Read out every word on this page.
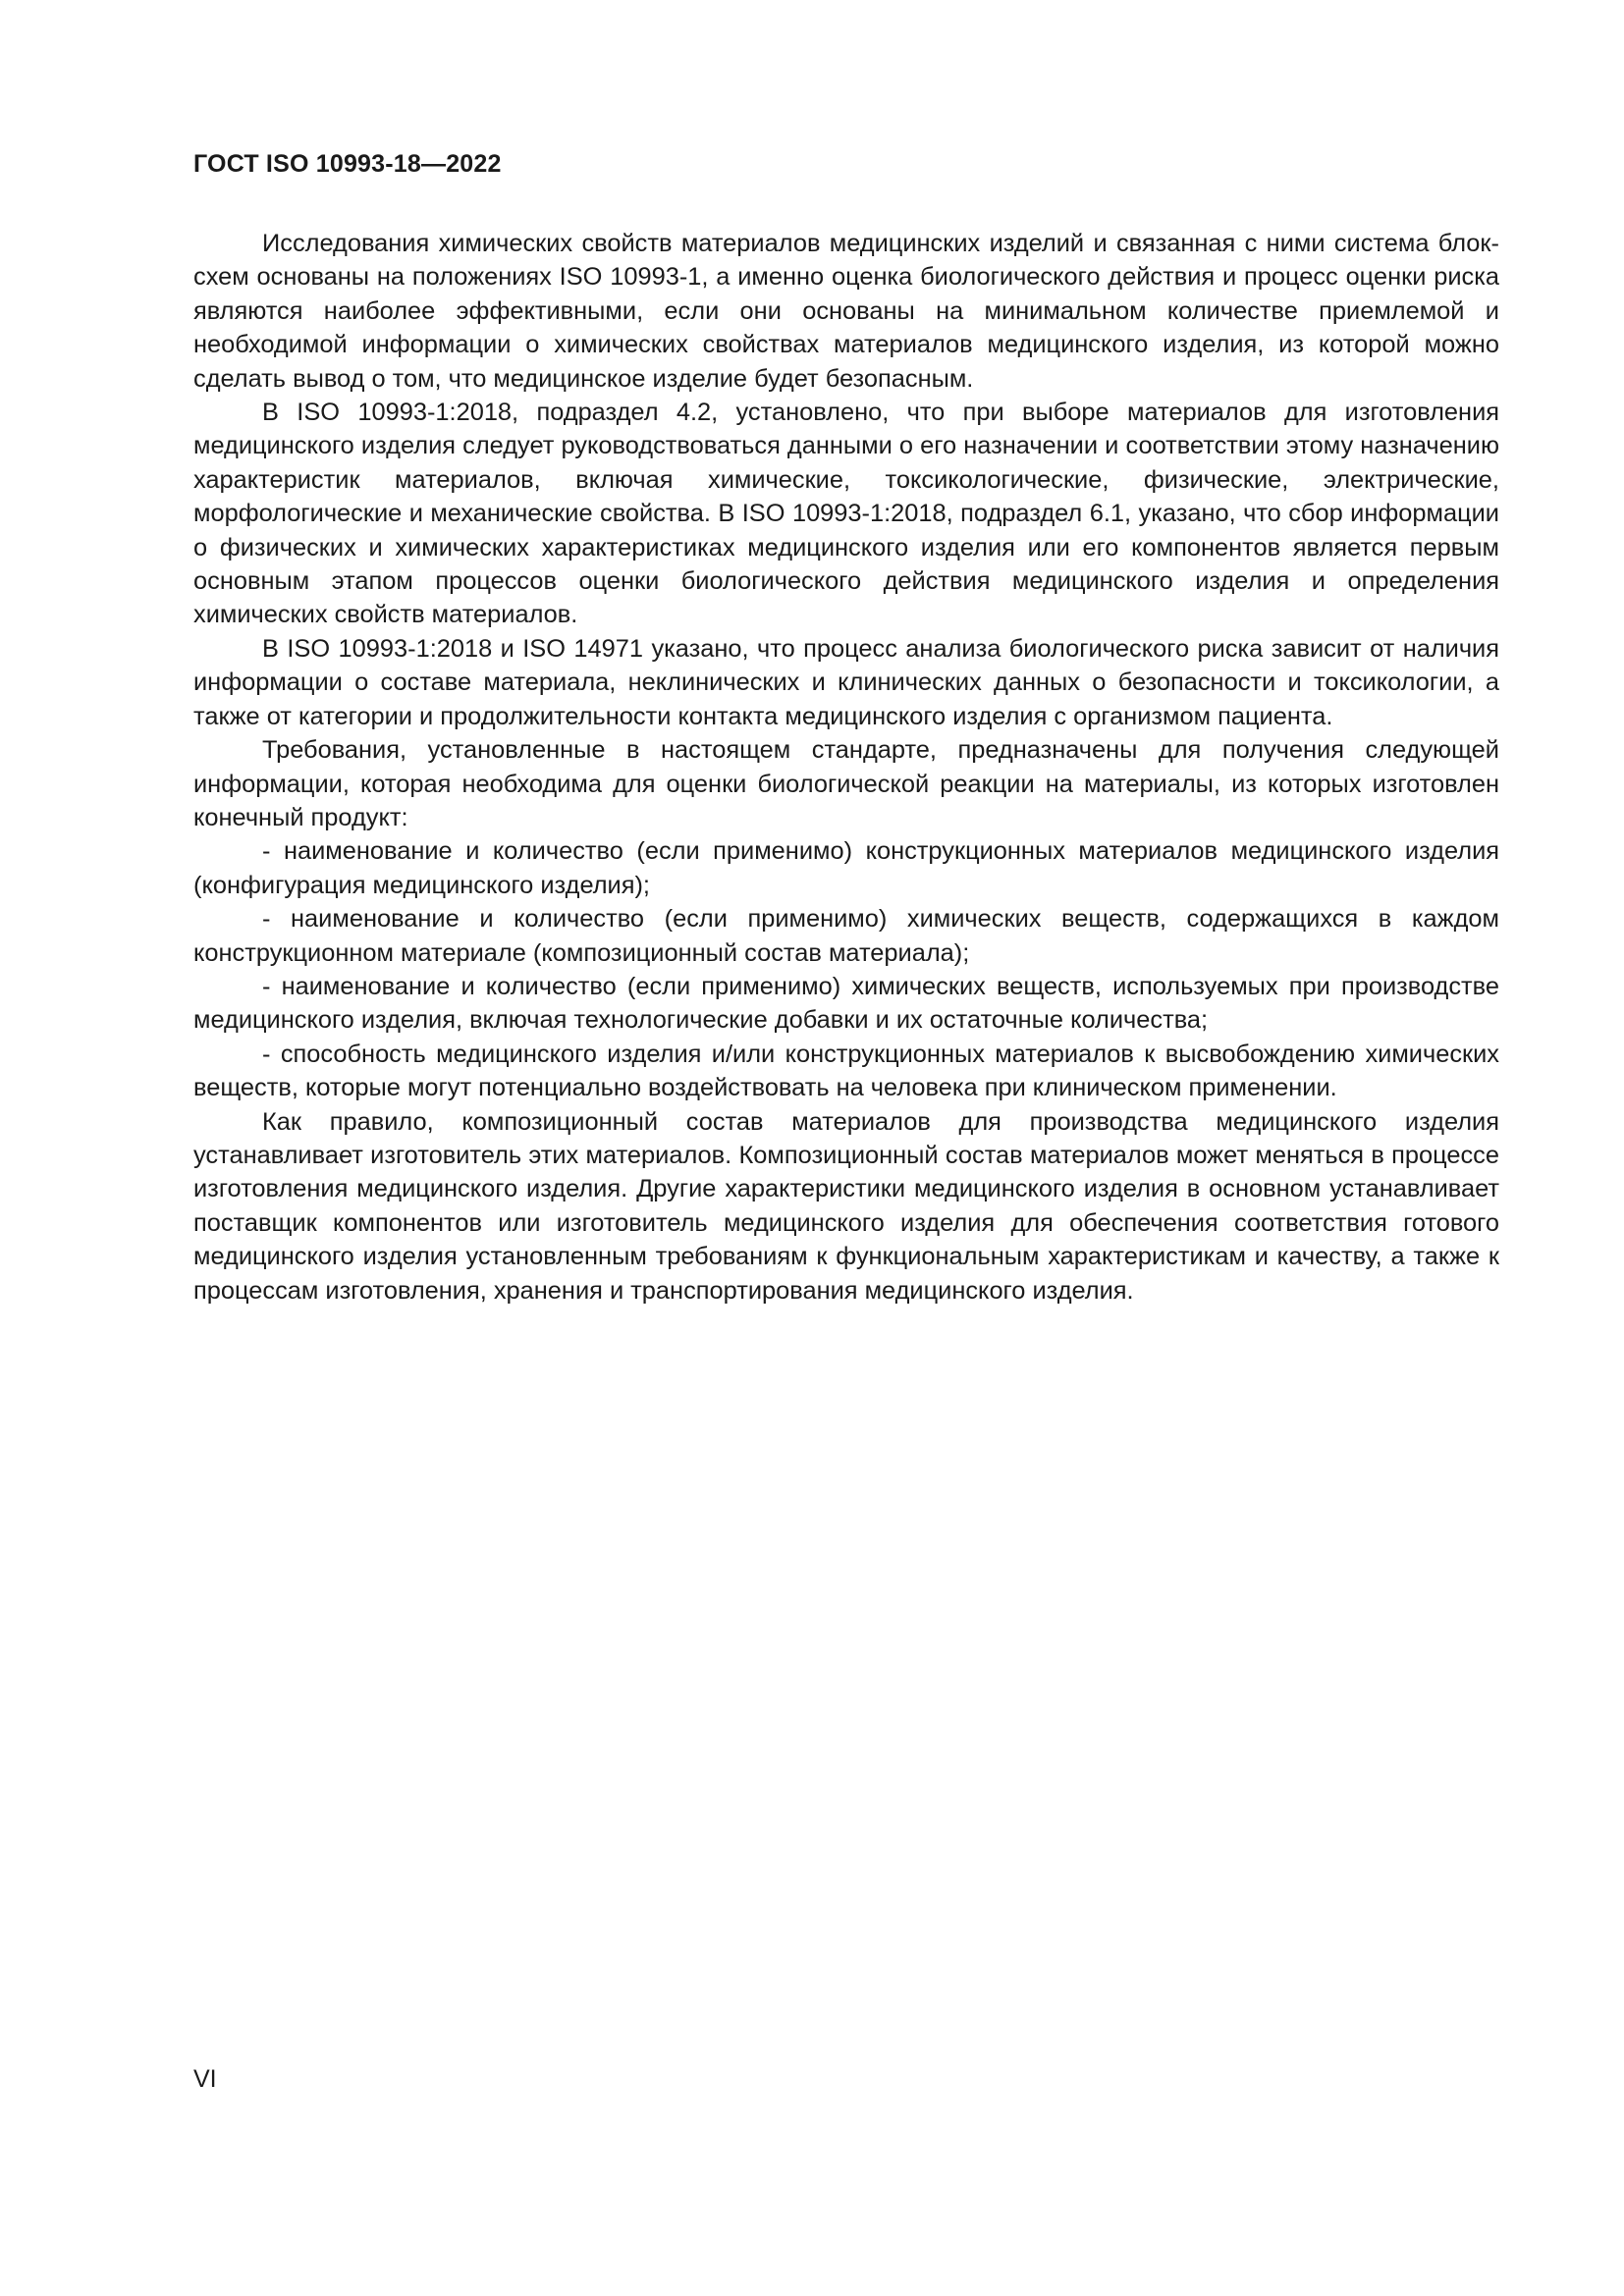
ГОСТ ISO 10993-18—2022

Исследования химических свойств материалов медицинских изделий и связанная с ними система блок-схем основаны на положениях ISO 10993-1, а именно оценка биологического действия и процесс оценки риска являются наиболее эффективными, если они основаны на минимальном количестве приемлемой и необходимой информации о химических свойствах материалов медицинского изделия, из которой можно сделать вывод о том, что медицинское изделие будет безопасным.

В ISO 10993-1:2018, подраздел 4.2, установлено, что при выборе материалов для изготовления медицинского изделия следует руководствоваться данными о его назначении и соответствии этому назначению характеристик материалов, включая химические, токсикологические, физические, электрические, морфологические и механические свойства. В ISO 10993-1:2018, подраздел 6.1, указано, что сбор информации о физических и химических характеристиках медицинского изделия или его компонентов является первым основным этапом процессов оценки биологического действия медицинского изделия и определения химических свойств материалов.

В ISO 10993-1:2018 и ISO 14971 указано, что процесс анализа биологического риска зависит от наличия информации о составе материала, неклинических и клинических данных о безопасности и токсикологии, а также от категории и продолжительности контакта медицинского изделия с организмом пациента.

Требования, установленные в настоящем стандарте, предназначены для получения следующей информации, которая необходима для оценки биологической реакции на материалы, из которых изготовлен конечный продукт:

- наименование и количество (если применимо) конструкционных материалов медицинского изделия (конфигурация медицинского изделия);

- наименование и количество (если применимо) химических веществ, содержащихся в каждом конструкционном материале (композиционный состав материала);

- наименование и количество (если применимо) химических веществ, используемых при производстве медицинского изделия, включая технологические добавки и их остаточные количества;

- способность медицинского изделия и/или конструкционных материалов к высвобождению химических веществ, которые могут потенциально воздействовать на человека при клиническом применении.

Как правило, композиционный состав материалов для производства медицинского изделия устанавливает изготовитель этих материалов. Композиционный состав материалов может меняться в процессе изготовления медицинского изделия. Другие характеристики медицинского изделия в основном устанавливает поставщик компонентов или изготовитель медицинского изделия для обеспечения соответствия готового медицинского изделия установленным требованиям к функциональным характеристикам и качеству, а также к процессам изготовления, хранения и транспортирования медицинского изделия.

VI
